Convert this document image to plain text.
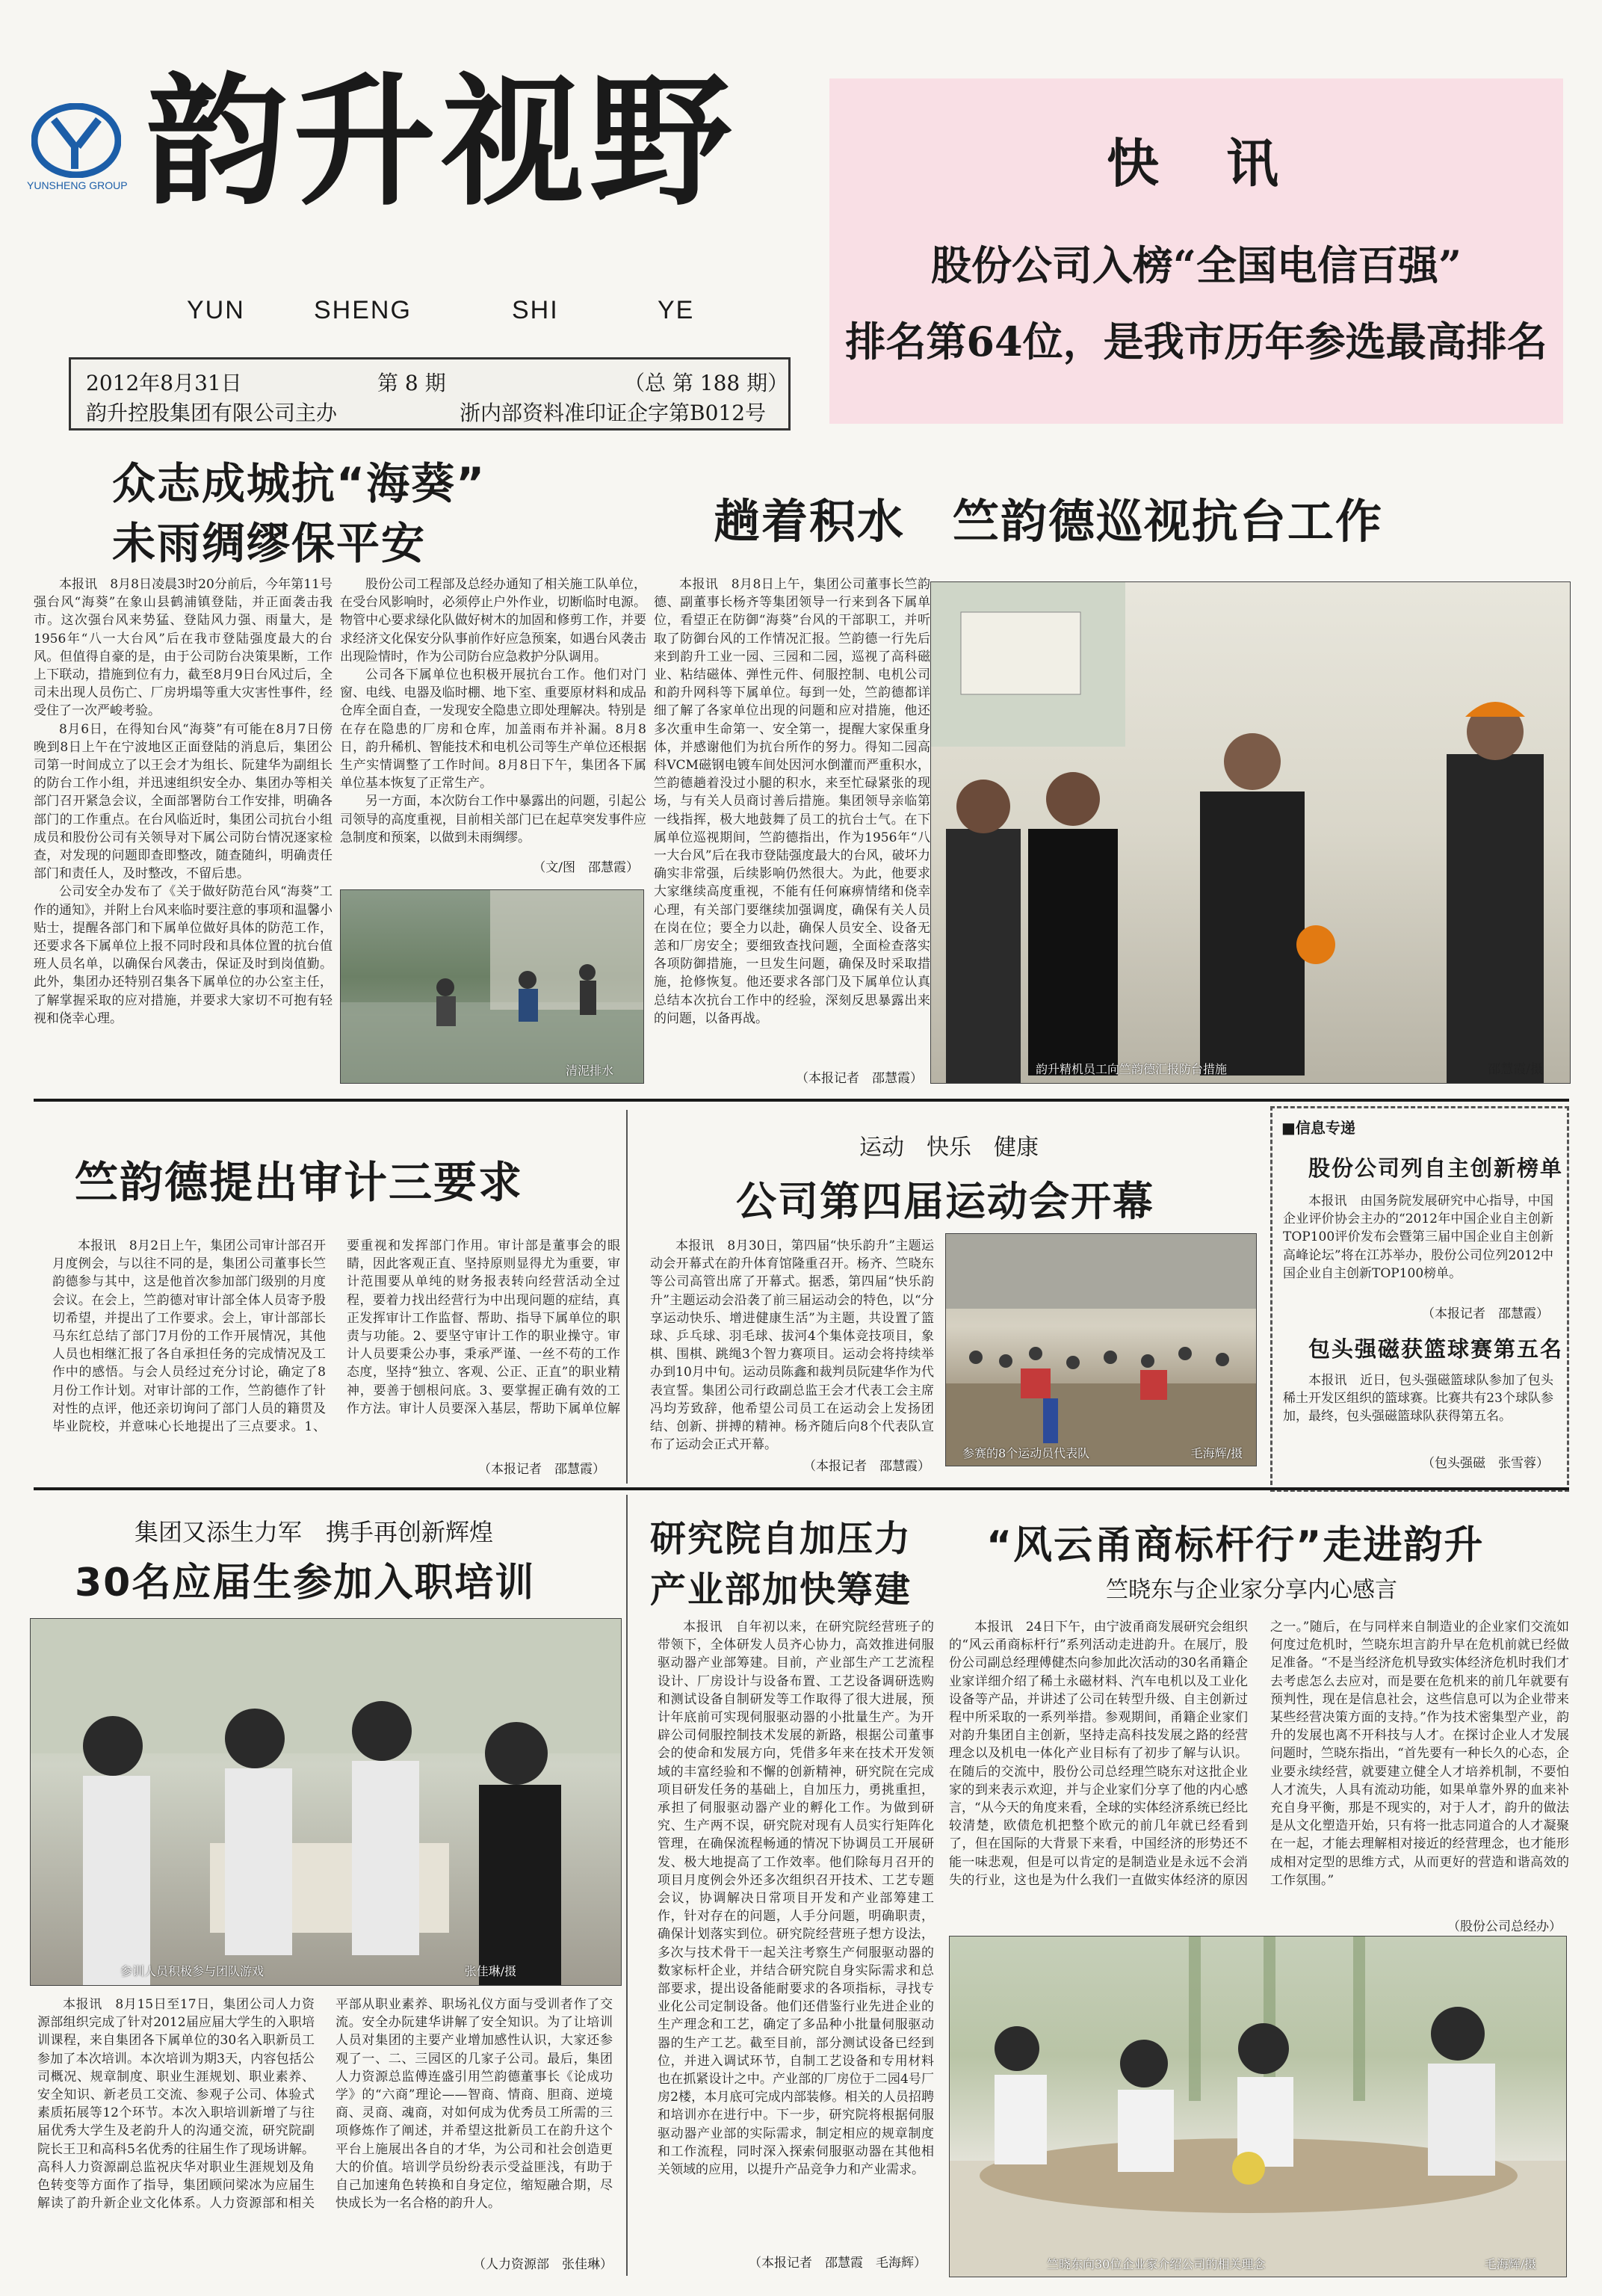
YUNSHENG GROUP 韵升视野
YUN	SHENG	SHI	YE
2012年8月31日	第 8 期	（总 第 188 期）
韵升控股集团有限公司主办	浙内部资料准印证企字第B012号
快　讯
股份公司入榜“全国电信百强”
排名第64位，是我市历年参选最高排名
众志成城抗“海葵”
未雨绸缪保平安

本报讯　8月8日凌晨3时20分前后，今年第11号强台风“海葵”在象山县鹤浦镇登陆，并正面袭击我市。这次强台风来势猛、登陆风力强、雨量大，是1956年“八一大台风”后在我市登陆强度最大的台风。但值得自豪的是，由于公司防台决策果断，工作上下联动，措施到位有力，截至8月9日台风过后，全司未出现人员伤亡、厂房坍塌等重大灾害性事件，经受住了一次严峻考验。

8月6日，在得知台风“海葵”有可能在8月7日傍晚到8日上午在宁波地区正面登陆的消息后，集团公司第一时间成立了以王会才为组长、阮建华为副组长的防台工作小组，并迅速组织安全办、集团办等相关部门召开紧急会议，全面部署防台工作安排，明确各部门的工作重点。在台风临近时，集团公司抗台小组成员和股份公司有关领导对下属公司防台情况逐家检查，对发现的问题即查即整改，随查随纠，明确责任部门和责任人，及时整改，不留后患。

公司安全办发布了《关于做好防范台风“海葵”工作的通知》，并附上台风来临时要注意的事项和温馨小贴士，提醒各部门和下属单位做好具体的防范工作，还要求各下属单位上报不同时段和具体位置的抗台值班人员名单，以确保台风袭击，保证及时到岗值勤。此外，集团办还特别召集各下属单位的办公室主任，了解掌握采取的应对措施，并要求大家切不可抱有轻视和侥幸心理。

股份公司工程部及总经办通知了相关施工队单位，在受台风影响时，必须停止户外作业，切断临时电源。物管中心要求绿化队做好树木的加固和修剪工作，并要求经济文化保安分队事前作好应急预案，如遇台风袭击出现险情时，作为公司防台应急救护分队调用。

公司各下属单位也积极开展抗台工作。他们对门窗、电线、电器及临时棚、地下室、重要原材料和成品仓库全面自查，一发现安全隐患立即处理解决。特别是在存在隐患的厂房和仓库，加盖雨布并补漏。8月8日，韵升稀机、智能技术和电机公司等生产单位还根据生产实情调整了工作时间。8月8日下午，集团各下属单位基本恢复了正常生产。

另一方面，本次防台工作中暴露出的问题，引起公司领导的高度重视，目前相关部门已在起草突发事件应急制度和预案，以做到未雨绸缪。

（文/图　邵慧霞）
清泥排水
趟着积水　竺韵德巡视抗台工作

本报讯　8月8日上午，集团公司董事长竺韵德、副董事长杨齐等集团领导一行来到各下属单位，看望正在防御“海葵”台风的干部职工，并听取了防御台风的工作情况汇报。竺韵德一行先后来到韵升工业一园、三园和二园，巡视了高科磁业、粘结磁体、弹性元件、伺服控制、电机公司和韵升网科等下属单位。每到一处，竺韵德都详细了解了各家单位出现的问题和应对措施，他还多次重申生命第一、安全第一，提醒大家保重身体，并感谢他们为抗台所作的努力。得知二园高科VCM磁钢电镀车间处因河水倒灌而严重积水，竺韵德趟着没过小腿的积水，来至忙碌紧张的现场，与有关人员商讨善后措施。集团领导亲临第一线指挥，极大地鼓舞了员工的抗台士气。在下属单位巡视期间，竺韵德指出，作为1956年“八一大台风”后在我市登陆强度最大的台风，破坏力确实非常强，后续影响仍然很大。为此，他要求大家继续高度重视，不能有任何麻痹情绪和侥幸心理，有关部门要继续加强调度，确保有关人员在岗在位；要全力以赴，确保人员安全、设备无恙和厂房安全；要细致查找问题，全面检查落实各项防御措施，一旦发生问题，确保及时采取措施，抢修恢复。他还要求各部门及下属单位认真总结本次抗台工作中的经验，深刻反思暴露出来的问题，以备再战。

（本报记者　邵慧霞）
韵升精机员工向竺韵德汇报防台措施	邵慧霞/摄
竺韵德提出审计三要求

本报讯　8月2日上午，集团公司审计部召开月度例会，与以往不同的是，集团公司董事长竺韵德参与其中，这是他首次参加部门级别的月度会议。在会上，竺韵德对审计部全体人员寄予殷切希望，并提出了工作要求。会上，审计部部长马东红总结了部门7月份的工作开展情况，其他人员也相继汇报了各自承担任务的完成情况及工作中的感悟。与会人员经过充分讨论，确定了8月份工作计划。对审计部的工作，竺韵德作了针对性的点评，他还亲切询问了部门人员的籍贯及毕业院校，并意味心长地提出了三点要求。1、要重视和发挥部门作用。审计部是董事会的眼睛，因此客观正直、坚持原则显得尤为重要，审计范围要从单纯的财务报表转向经营活动全过程，要着力找出经营行为中出现问题的症结，真正发挥审计工作监督、帮助、指导下属单位的职责与功能。2、要坚守审计工作的职业操守。审计人员要秉公办事，秉承严谨、一丝不苟的工作态度，坚持“独立、客观、公正、正直”的职业精神，要善于刨根问底。3、要掌握正确有效的工作方法。审计人员要深入基层，帮助下属单位解

（本报记者　邵慧霞）
运动　快乐　健康
公司第四届运动会开幕

本报讯　8月30日，第四届“快乐韵升”主题运动会开幕式在韵升体育馆隆重召开。杨齐、竺晓东等公司高管出席了开幕式。据悉，第四届“快乐韵升”主题运动会沿袭了前三届运动会的特色，以“分享运动快乐、增进健康生活”为主题，共设置了篮球、乒乓球、羽毛球、拔河4个集体竞技项目，象棋、围棋、跳绳3个智力赛项目。运动会将持续举办到10月中旬。运动员陈鑫和裁判员阮建华作为代表宣誓。集团公司行政副总监王会才代表工会主席冯均芳致辞，他希望公司员工在运动会上发扬团结、创新、拼搏的精神。杨齐随后向8个代表队宣布了运动会正式开幕。

（本报记者　邵慧霞）
参赛的8个运动员代表队	毛海辉/摄
■信息专递
股份公司列自主创新榜单

本报讯　由国务院发展研究中心指导，中国企业评价协会主办的“2012年中国企业自主创新TOP100评价发布会暨第三届中国企业自主创新高峰论坛”将在江苏举办，股份公司位列2012中国企业自主创新TOP100榜单。

（本报记者　邵慧霞）
包头强磁获篮球赛第五名

本报讯　近日，包头强磁篮球队参加了包头稀土开发区组织的篮球赛。比赛共有23个球队参加，最终，包头强磁篮球队获得第五名。

（包头强磁　张雪蓉）
集团又添生力军　携手再创新辉煌
30名应届生参加入职培训
参训人员积极参与团队游戏	张佳琳/摄

本报讯　8月15日至17日，集团公司人力资源部组织完成了针对2012届应届大学生的入职培训课程，来自集团各下属单位的30名入职新员工参加了本次培训。本次培训为期3天，内容包括公司概况、规章制度、职业生涯规划、职业素养、安全知识、新老员工交流、参观子公司、体验式素质拓展等12个环节。本次入职培训新增了与往届优秀大学生及老韵升人的沟通交流，研究院副院长王卫和高科5名优秀的往届生作了现场讲解。高科人力资源副总监祝庆华对职业生涯规划及角色转变等方面作了指导，集团顾问梁冰为应届生解读了韵升新企业文化体系。人力资源部和相关平部从职业素养、职场礼仪方面与受训者作了交流。安全办阮建华讲解了安全知识。为了让培训人员对集团的主要产业增加感性认识，大家还参观了一、二、三园区的几家子公司。最后，集团人力资源总监傅连盛引用竺韵德董事长《论成功学》的“六商”理论——智商、情商、胆商、逆境商、灵商、魂商，对如何成为优秀员工所需的三项修炼作了阐述，并希望这批新员工在韵升这个平台上施展出各自的才华，为公司和社会创造更大的价值。培训学员纷纷表示受益匪浅，有助于自己加速角色转换和自身定位，缩短融合期，尽快成长为一名合格的韵升人。

（人力资源部　张佳琳）
研究院自加压力
产业部加快筹建

本报讯　自年初以来，在研究院经营班子的带领下，全体研发人员齐心协力，高效推进伺服驱动器产业部筹建。目前，产业部生产工艺流程设计、厂房设计与设备布置、工艺设备调研选购和测试设备自制研发等工作取得了很大进展，预计年底前可实现伺服驱动器的小批量生产。为开辟公司伺服控制技术发展的新路，根据公司董事会的使命和发展方向，凭借多年来在技术开发领域的丰富经验和不懈的创新精神，研究院在完成项目研发任务的基础上，自加压力，勇挑重担，承担了伺服驱动器产业的孵化工作。为做到研究、生产两不误，研究院对现有人员实行矩阵化管理，在确保流程畅通的情况下协调员工开展研发、极大地提高了工作效率。他们除每月召开的项目月度例会外还多次组织召开技术、工艺专题会议，协调解决日常项目开发和产业部筹建工作，针对存在的问题，人手分问题，明确职责，确保计划落实到位。研究院经营班子想方设法，多次与技术骨干一起关注考察生产伺服驱动器的数家标杆企业，并结合研究院自身实际需求和总部要求，提出设备能耐要求的各项指标，寻找专业化公司定制设备。他们还借鉴行业先进企业的生产理念和工艺，确定了多品种小批量伺服驱动器的生产工艺。截至目前，部分测试设备已经到位，并进入调试环节，自制工艺设备和专用材料也在抓紧设计之中。产业部的厂房位于二园4号厂房2楼，本月底可完成内部装修。相关的人员招聘和培训亦在进行中。下一步，研究院将根据伺服驱动器产业部的实际需求，制定相应的规章制度和工作流程，同时深入探索伺服驱动器在其他相关领域的应用，以提升产品竞争力和产业需求。

（本报记者　邵慧霞　毛海辉）
“风云甬商标杆行”走进韵升
竺晓东与企业家分享内心感言

本报讯　24日下午，由宁波甬商发展研究会组织的“风云甬商标杆行”系列活动走进韵升。在展厅，股份公司副总经理傅健杰向参加此次活动的30名甬籍企业家详细介绍了稀土永磁材料、汽车电机以及工业化设备等产品，并讲述了公司在转型升级、自主创新过程中所采取的一系列举措。参观期间，甬籍企业家们对韵升集团自主创新，坚持走高科技发展之路的经营理念以及机电一体化产业目标有了初步了解与认识。在随后的交流中，股份公司总经理竺晓东对这批企业家的到来表示欢迎，并与企业家们分享了他的内心感言，“从今天的角度来看，全球的实体经济系统已经比较清楚，欧债危机把整个欧元的前几年就已经看到了，但在国际的大背景下来看，中国经济的形势还不能一味悲观，但是可以肯定的是制造业是永远不会消失的行业，这也是为什么我们一直做实体经济的原因之一。”随后，在与同样来自制造业的企业家们交流如何度过危机时，竺晓东坦言韵升早在危机前就已经做足准备。“不是当经济危机导致实体经济危机时我们才去考虑怎么去应对，而是要在危机来的前几年就要有预判性，现在是信息社会，这些信息可以为企业带来某些经营决策方面的支持。”作为技术密集型产业，韵升的发展也离不开科技与人才。在探讨企业人才发展问题时，竺晓东指出，“首先要有一种长久的心态，企业要永续经营，就要建立健全人才培养机制，不要怕人才流失，人具有流动功能，如果单靠外界的血来补充自身平衡，那是不现实的，对于人才，韵升的做法是从文化塑造开始，只有将一批志同道合的人才凝聚在一起，才能去理解相对接近的经营理念，也才能形成相对定型的思维方式，从而更好的营造和谐高效的工作氛围。”

（股份公司总经办）
竺晓东向30位企业家介绍公司的相关理念	毛海辉/摄
